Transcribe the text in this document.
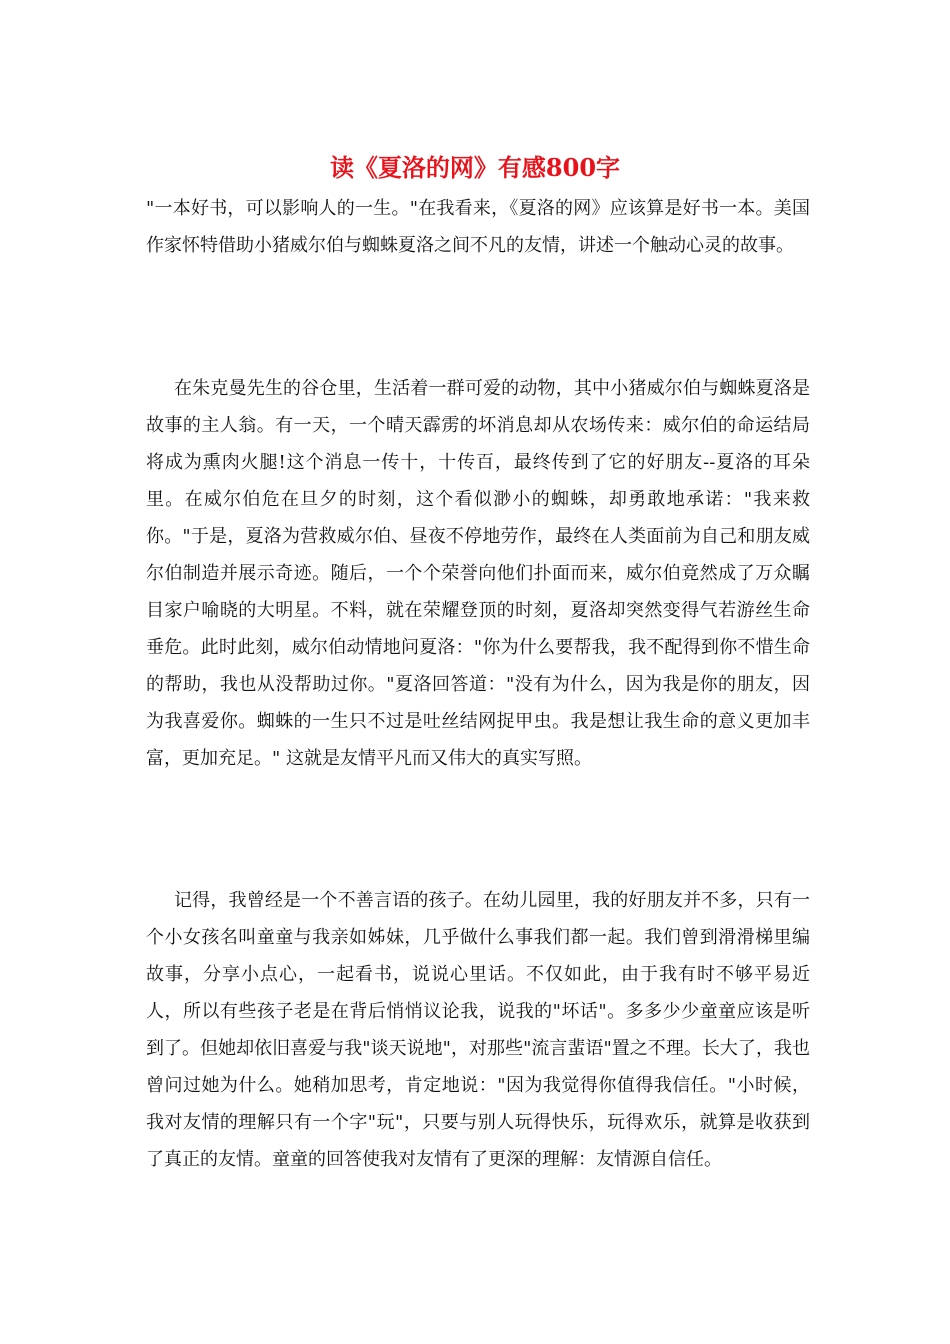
读《夏洛的网》有感800字

"一本好书，可以影响人的一生。"在我看来，《夏洛的网》应该算是好书一本。美国作家怀特借助小猪威尔伯与蜘蛛夏洛之间不凡的友情，讲述一个触动心灵的故事。

在朱克曼先生的谷仓里，生活着一群可爱的动物，其中小猪威尔伯与蜘蛛夏洛是故事的主人翁。有一天，一个晴天霹雳的坏消息却从农场传来：威尔伯的命运结局将成为熏肉火腿!这个消息一传十，十传百，最终传到了它的好朋友--夏洛的耳朵里。在威尔伯危在旦夕的时刻，这个看似渺小的蜘蛛，却勇敢地承诺："我来救你。"于是，夏洛为营救威尔伯、昼夜不停地劳作，最终在人类面前为自己和朋友威尔伯制造并展示奇迹。随后，一个个荣誉向他们扑面而来，威尔伯竟然成了万众瞩目家户喻晓的大明星。不料，就在荣耀登顶的时刻，夏洛却突然变得气若游丝生命垂危。此时此刻，威尔伯动情地问夏洛："你为什么要帮我，我不配得到你不惜生命的帮助，我也从没帮助过你。"夏洛回答道："没有为什么，因为我是你的朋友，因为我喜爱你。蜘蛛的一生只不过是吐丝结网捉甲虫。我是想让我生命的意义更加丰富，更加充足。" 这就是友情平凡而又伟大的真实写照。

记得，我曾经是一个不善言语的孩子。在幼儿园里，我的好朋友并不多，只有一个小女孩名叫童童与我亲如姊妹，几乎做什么事我们都一起。我们曾到滑滑梯里编故事，分享小点心，一起看书，说说心里话。不仅如此，由于我有时不够平易近人，所以有些孩子老是在背后悄悄议论我，说我的"坏话"。多多少少童童应该是听到了。但她却依旧喜爱与我"谈天说地"，对那些"流言蜚语"置之不理。长大了，我也曾问过她为什么。她稍加思考，肯定地说："因为我觉得你值得我信任。"小时候，我对友情的理解只有一个字"玩"，只要与别人玩得快乐，玩得欢乐，就算是收获到了真正的友情。童童的回答使我对友情有了更深的理解：友情源自信任。
